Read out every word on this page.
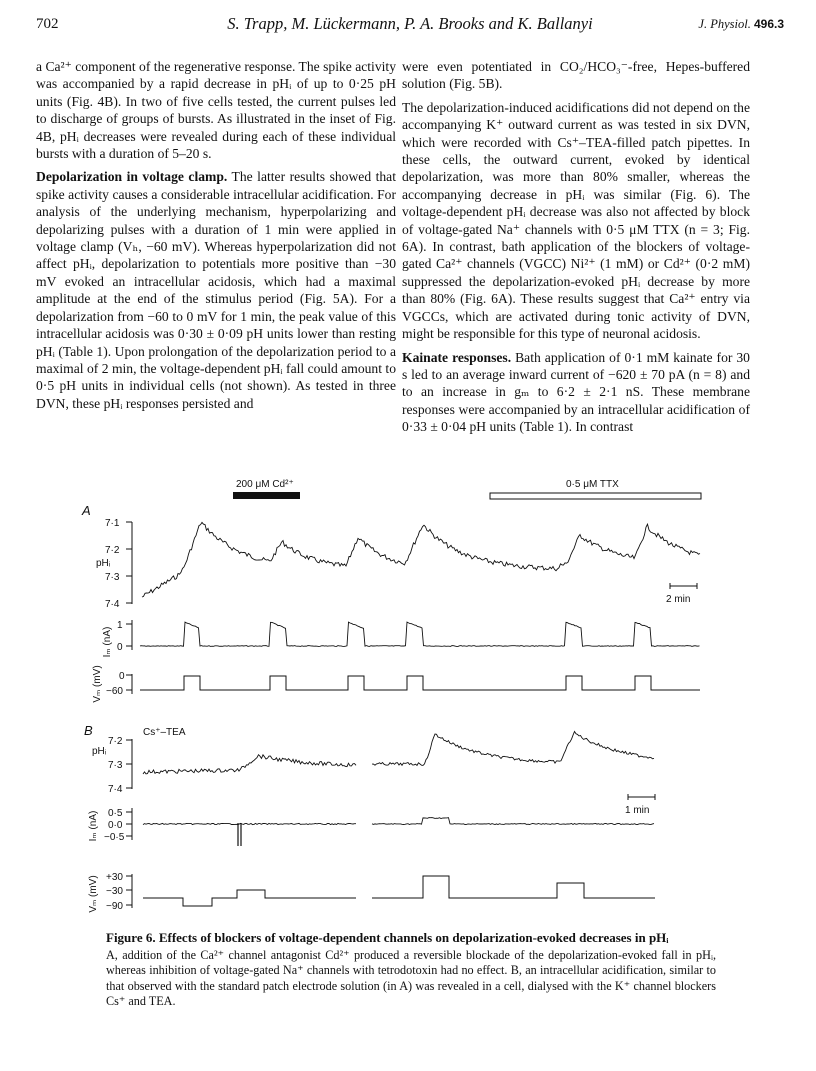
702	S. Trapp, M. Lückermann, P. A. Brooks and K. Ballanyi	J. Physiol. 496.3

a Ca²⁺ component of the regenerative response. The spike activity was accompanied by a rapid decrease in pHᵢ of up to 0·25 pH units (Fig. 4B). In two of five cells tested, the current pulses led to discharge of groups of bursts. As illustrated in the inset of Fig. 4B, pHᵢ decreases were revealed during each of these individual bursts with a duration of 5–20 s.

Depolarization in voltage clamp. The latter results showed that spike activity causes a considerable intracellular acidification. For analysis of the underlying mechanism, hyperpolarizing and depolarizing pulses with a duration of 1 min were applied in voltage clamp (Vₕ, −60 mV). Whereas hyperpolarization did not affect pHᵢ, depolarization to potentials more positive than −30 mV evoked an intracellular acidosis, which had a maximal amplitude at the end of the stimulus period (Fig. 5A). For a depolarization from −60 to 0 mV for 1 min, the peak value of this intracellular acidosis was 0·30 ± 0·09 pH units lower than resting pHᵢ (Table 1). Upon prolongation of the depolarization period to a maximal of 2 min, the voltage-dependent pHᵢ fall could amount to 0·5 pH units in individual cells (not shown). As tested in three DVN, these pHᵢ responses persisted and

were even potentiated in CO₂/HCO₃⁻-free, Hepes-buffered solution (Fig. 5B).

The depolarization-induced acidifications did not depend on the accompanying K⁺ outward current as was tested in six DVN, which were recorded with Cs⁺–TEA-filled patch pipettes. In these cells, the outward current, evoked by identical depolarization, was more than 80% smaller, whereas the accompanying decrease in pHᵢ was similar (Fig. 6). The voltage-dependent pHᵢ decrease was also not affected by block of voltage-gated Na⁺ channels with 0·5 μM TTX (n = 3; Fig. 6A). In contrast, bath application of the blockers of voltage-gated Ca²⁺ channels (VGCC) Ni²⁺ (1 mM) or Cd²⁺ (0·2 mM) suppressed the depolarization-evoked pHᵢ decrease by more than 80% (Fig. 6A). These results suggest that Ca²⁺ entry via VGCCs, which are activated during tonic activity of DVN, might be responsible for this type of neuronal acidosis.

Kainate responses. Bath application of 0·1 mM kainate for 30 s led to an average inward current of −620 ± 70 pA (n = 8) and to an increase in gₘ to 6·2 ± 2·1 nS. These membrane responses were accompanied by an intracellular acidification of 0·33 ± 0·04 pH units (Table 1). In contrast

200 μM Cd²⁺	0·5 μM TTX
A
pHᵢ
7·1
7·2
7·3
7·4	2 min
Iₘ (nA)
1
0
Vₘ (mV) 0
−60
B	Cs⁺–TEA
pHᵢ
7·2
7·3
7·4
1 min
Iₘ (nA) 0·5
0·0
−0·5
Vₘ (mV) +30
−30
−90
Figure 6. Effects of blockers of voltage-dependent channels on depolarization-evoked decreases in pHᵢ
A, addition of the Ca²⁺ channel antagonist Cd²⁺ produced a reversible blockade of the depolarization-evoked fall in pHᵢ, whereas inhibition of voltage-gated Na⁺ channels with tetrodotoxin had no effect. B, an intracellular acidification, similar to that observed with the standard patch electrode solution (in A) was revealed in a cell, dialysed with the K⁺ channel blockers Cs⁺ and TEA.
